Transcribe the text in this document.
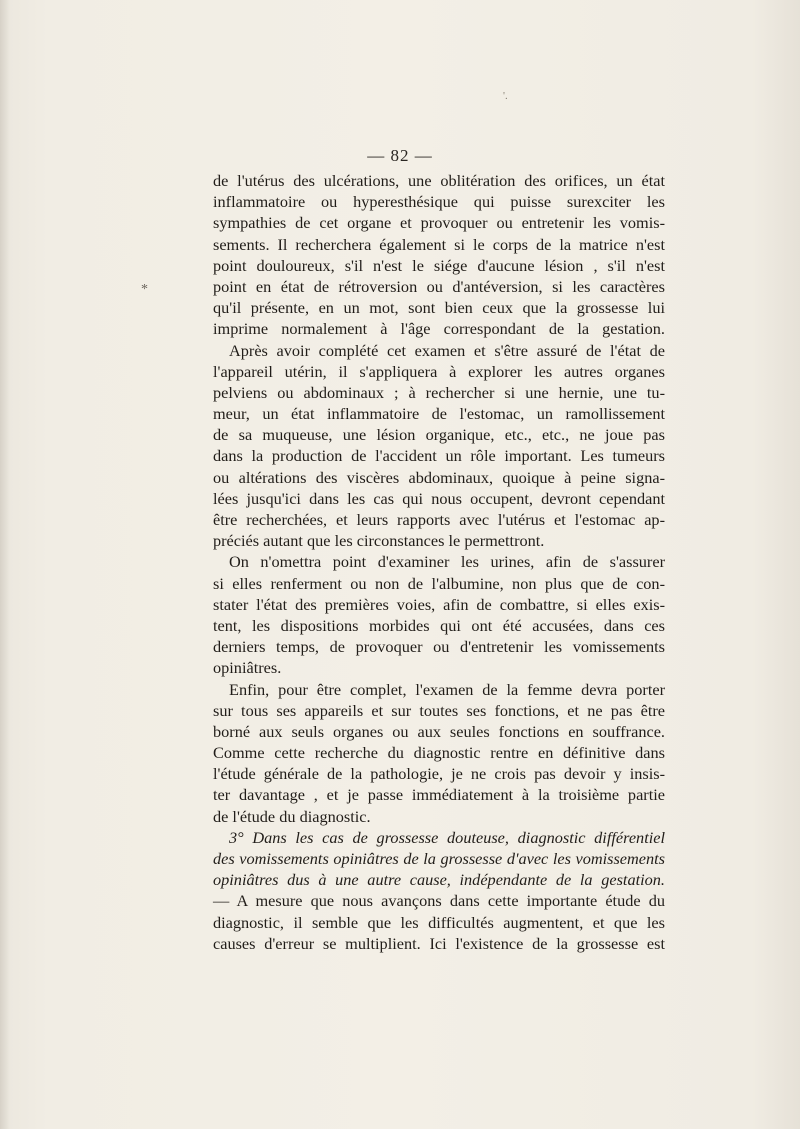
'.
— 82 —
*
de l'utérus des ulcérations, une oblitération des orifices, un état
inflammatoire ou hyperesthésique qui puisse surexciter les
sympathies de cet organe et provoquer ou entretenir les vomis-
sements. Il recherchera également si le corps de la matrice n'est
point douloureux, s'il n'est le siége d'aucune lésion , s'il n'est
point en état de rétroversion ou d'antéversion, si les caractères
qu'il présente, en un mot, sont bien ceux que la grossesse lui
imprime normalement à l'âge correspondant de la gestation.
Après avoir complété cet examen et s'être assuré de l'état de
l'appareil utérin, il s'appliquera à explorer les autres organes
pelviens ou abdominaux ; à rechercher si une hernie, une tu-
meur, un état inflammatoire de l'estomac, un ramollissement
de sa muqueuse, une lésion organique, etc., etc., ne joue pas
dans la production de l'accident un rôle important. Les tumeurs
ou altérations des viscères abdominaux, quoique à peine signa-
lées jusqu'ici dans les cas qui nous occupent, devront cependant
être recherchées, et leurs rapports avec l'utérus et l'estomac ap-
préciés autant que les circonstances le permettront.
On n'omettra point d'examiner les urines, afin de s'assurer
si elles renferment ou non de l'albumine, non plus que de con-
stater l'état des premières voies, afin de combattre, si elles exis-
tent, les dispositions morbides qui ont été accusées, dans ces
derniers temps, de provoquer ou d'entretenir les vomissements
opiniâtres.
Enfin, pour être complet, l'examen de la femme devra porter
sur tous ses appareils et sur toutes ses fonctions, et ne pas être
borné aux seuls organes ou aux seules fonctions en souffrance.
Comme cette recherche du diagnostic rentre en définitive dans
l'étude générale de la pathologie, je ne crois pas devoir y insis-
ter davantage , et je passe immédiatement à la troisième partie
de l'étude du diagnostic.
3° Dans les cas de grossesse douteuse, diagnostic différentiel
des vomissements opiniâtres de la grossesse d'avec les vomissements
opiniâtres dus à une autre cause, indépendante de la gestation.
— A mesure que nous avançons dans cette importante étude du
diagnostic, il semble que les difficultés augmentent, et que les
causes d'erreur se multiplient. Ici l'existence de la grossesse est
